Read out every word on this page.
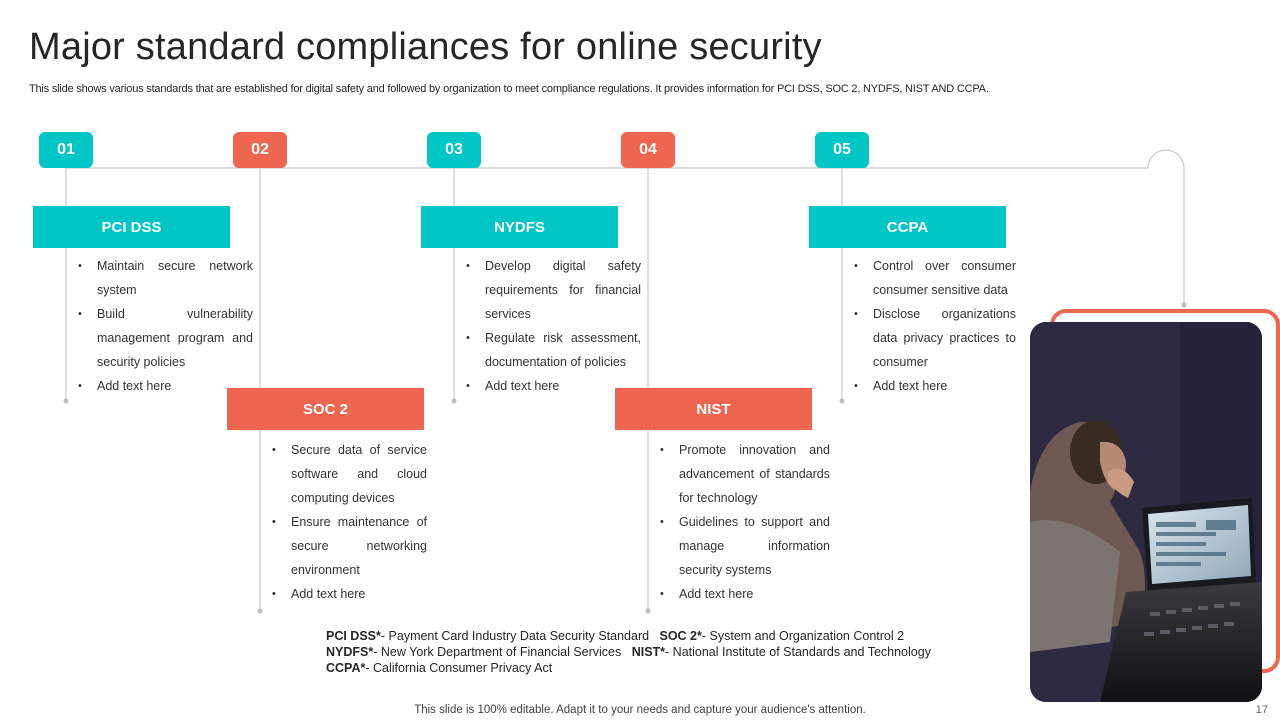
Major standard compliances for online security
This slide shows various standards that are established for digital safety and followed by organization to meet compliance regulations. It provides information for PCI DSS, SOC 2, NYDFS, NIST AND CCPA.
01	02	03	04	05
PCI DSS
SOC 2
NYDFS
NIST
CCPA
• Maintain secure network system
• Build vulnerability management program and security policies
• Add text here
• Secure data of service software and cloud computing devices
• Ensure maintenance of secure networking environment
• Add text here
• Develop digital safety requirements for financial services
• Regulate risk assessment, documentation of policies
• Add text here
• Promote innovation and advancement of standards for technology
• Guidelines to support and manage information security systems
• Add text here
• Control over consumer consumer sensitive data
• Disclose organizations data privacy practices to consumer
• Add text here
PCI DSS*- Payment Card Industry Data Security Standard SOC 2*- System and Organization Control 2
NYDFS*- New York Department of Financial Services NIST*- National Institute of Standards and Technology
CCPA*- California Consumer Privacy Act
This slide is 100% editable. Adapt it to your needs and capture your audience's attention.	17
